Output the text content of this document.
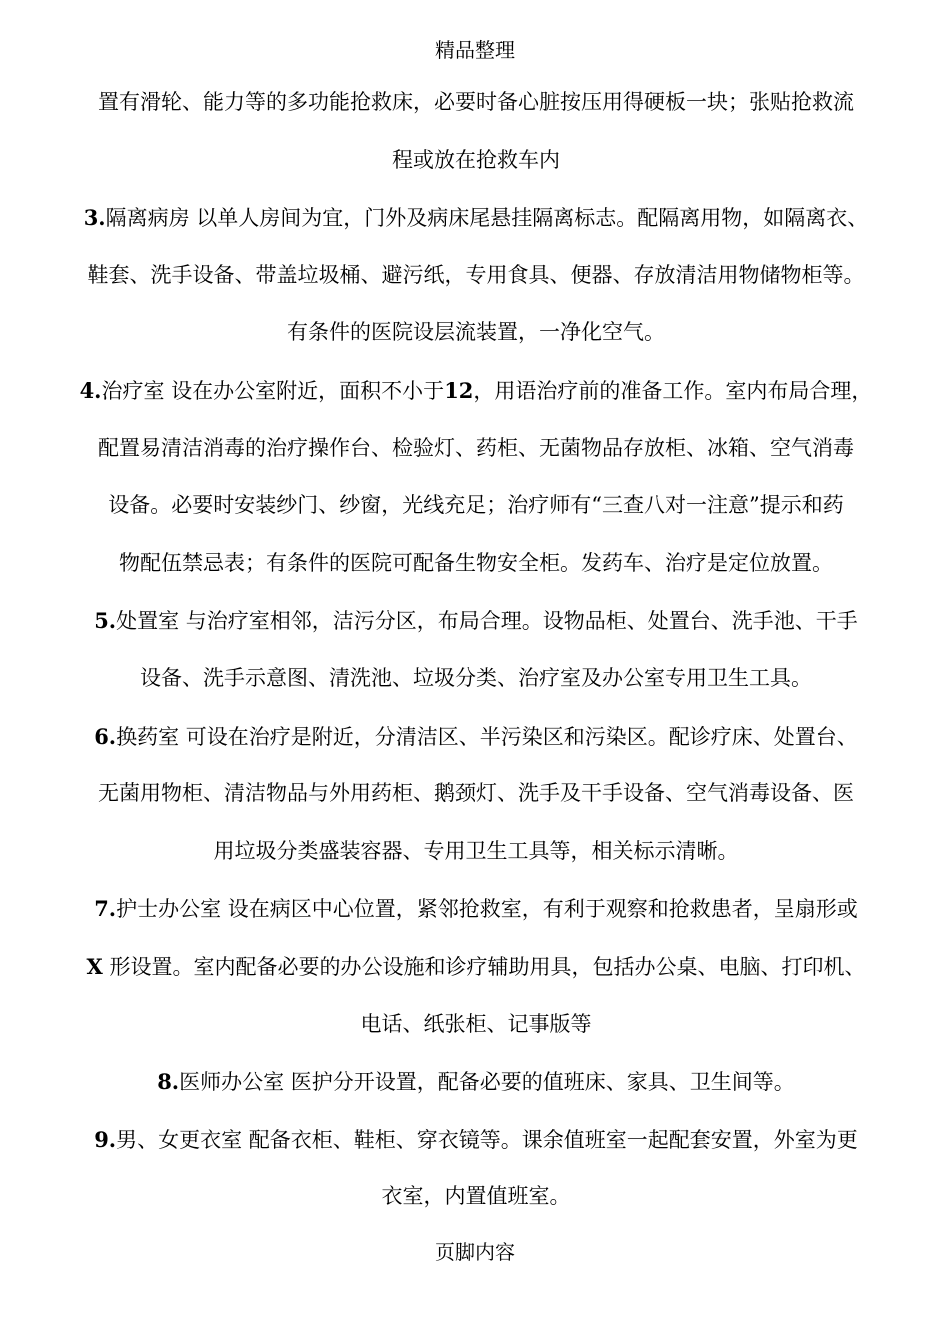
精品整理
置有滑轮、能力等的多功能抢救床，必要时备心脏按压用得硬板一块；张贴抢救流
程或放在抢救车内
3.隔离病房 以单人房间为宜，门外及病床尾悬挂隔离标志。配隔离用物，如隔离衣、
鞋套、洗手设备、带盖垃圾桶、避污纸，专用食具、便器、存放清洁用物储物柜等。
有条件的医院设层流装置，一净化空气。
4.治疗室 设在办公室附近，面积不小于12，用语治疗前的准备工作。室内布局合理，
配置易清洁消毒的治疗操作台、检验灯、药柜、无菌物品存放柜、冰箱、空气消毒
设备。必要时安装纱门、纱窗，光线充足；治疗师有“三查八对一注意”提示和药
物配伍禁忌表；有条件的医院可配备生物安全柜。发药车、治疗是定位放置。
5.处置室 与治疗室相邻，洁污分区，布局合理。设物品柜、处置台、洗手池、干手
设备、洗手示意图、清洗池、垃圾分类、治疗室及办公室专用卫生工具。
6.换药室 可设在治疗是附近，分清洁区、半污染区和污染区。配诊疗床、处置台、
无菌用物柜、清洁物品与外用药柜、鹅颈灯、洗手及干手设备、空气消毒设备、医
用垃圾分类盛装容器、专用卫生工具等，相关标示清晰。
7.护士办公室 设在病区中心位置，紧邻抢救室，有利于观察和抢救患者，呈扇形或
X 形设置。室内配备必要的办公设施和诊疗辅助用具，包括办公桌、电脑、打印机、
电话、纸张柜、记事版等
8.医师办公室 医护分开设置，配备必要的值班床、家具、卫生间等。
9.男、女更衣室 配备衣柜、鞋柜、穿衣镜等。课余值班室一起配套安置，外室为更
衣室，内置值班室。
页脚内容
